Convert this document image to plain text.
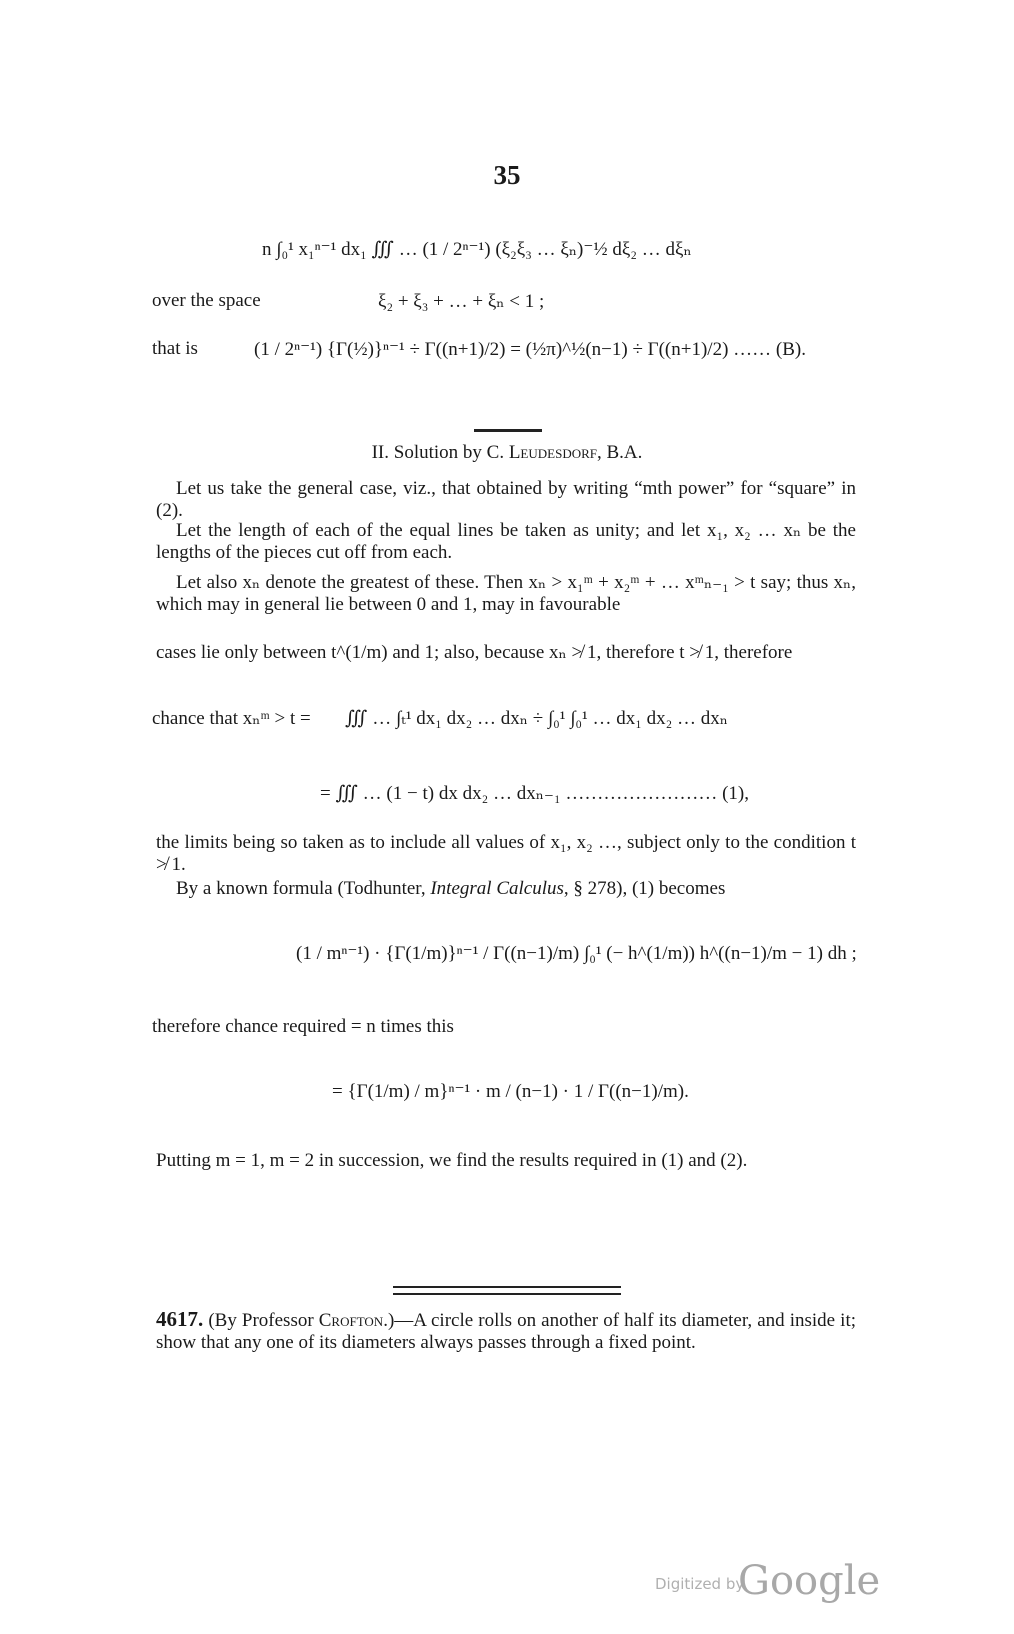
35
n ∫₀¹ x₁ⁿ⁻¹ dx₁ ∭ … (1 / 2ⁿ⁻¹) (ξ₂ξ₃ … ξₙ)⁻½ dξ₂ … dξₙ
over the space	ξ₂ + ξ₃ + … + ξₙ < 1 ;
that is	(1 / 2ⁿ⁻¹) {Γ(½)}ⁿ⁻¹ ÷ Γ((n+1)/2) = (½π)^½(n−1) ÷ Γ((n+1)/2) …… (B).
II. Solution by C. Leudesdorf, B.A.
Let us take the general case, viz., that obtained by writing “mth power” for “square” in (2).
Let the length of each of the equal lines be taken as unity; and let x₁, x₂ … xₙ be the lengths of the pieces cut off from each.
Let also xₙ denote the greatest of these. Then xₙ > x₁ᵐ + x₂ᵐ + … xᵐₙ₋₁ > t say; thus xₙ, which may in general lie between 0 and 1, may in favourable
cases lie only between t^(1/m) and 1; also, because xₙ ≯ 1, therefore t ≯ 1, therefore
chance that xₙᵐ > t = ∭ … ∫ₜ¹ dx₁ dx₂ … dxₙ ÷ ∫₀¹ ∫₀¹ … dx₁ dx₂ … dxₙ
= ∭ … (1 − t) dx dx₂ … dxₙ₋₁ …………………… (1),
the limits being so taken as to include all values of x₁, x₂ …, subject only to the condition t ≯ 1.
By a known formula (Todhunter, Integral Calculus, § 278), (1) becomes
(1 / mⁿ⁻¹) · {Γ(1/m)}ⁿ⁻¹ / Γ((n−1)/m) ∫₀¹ (− h^(1/m)) h^((n−1)/m − 1) dh ;
therefore chance required = n times this
= {Γ(1/m) / m}ⁿ⁻¹ · m / (n−1) · 1 / Γ((n−1)/m).
Putting m = 1, m = 2 in succession, we find the results required in (1) and (2).
4617. (By Professor Crofton.)—A circle rolls on another of half its diameter, and inside it; show that any one of its diameters always passes through a fixed point.
Digitized by
Google
